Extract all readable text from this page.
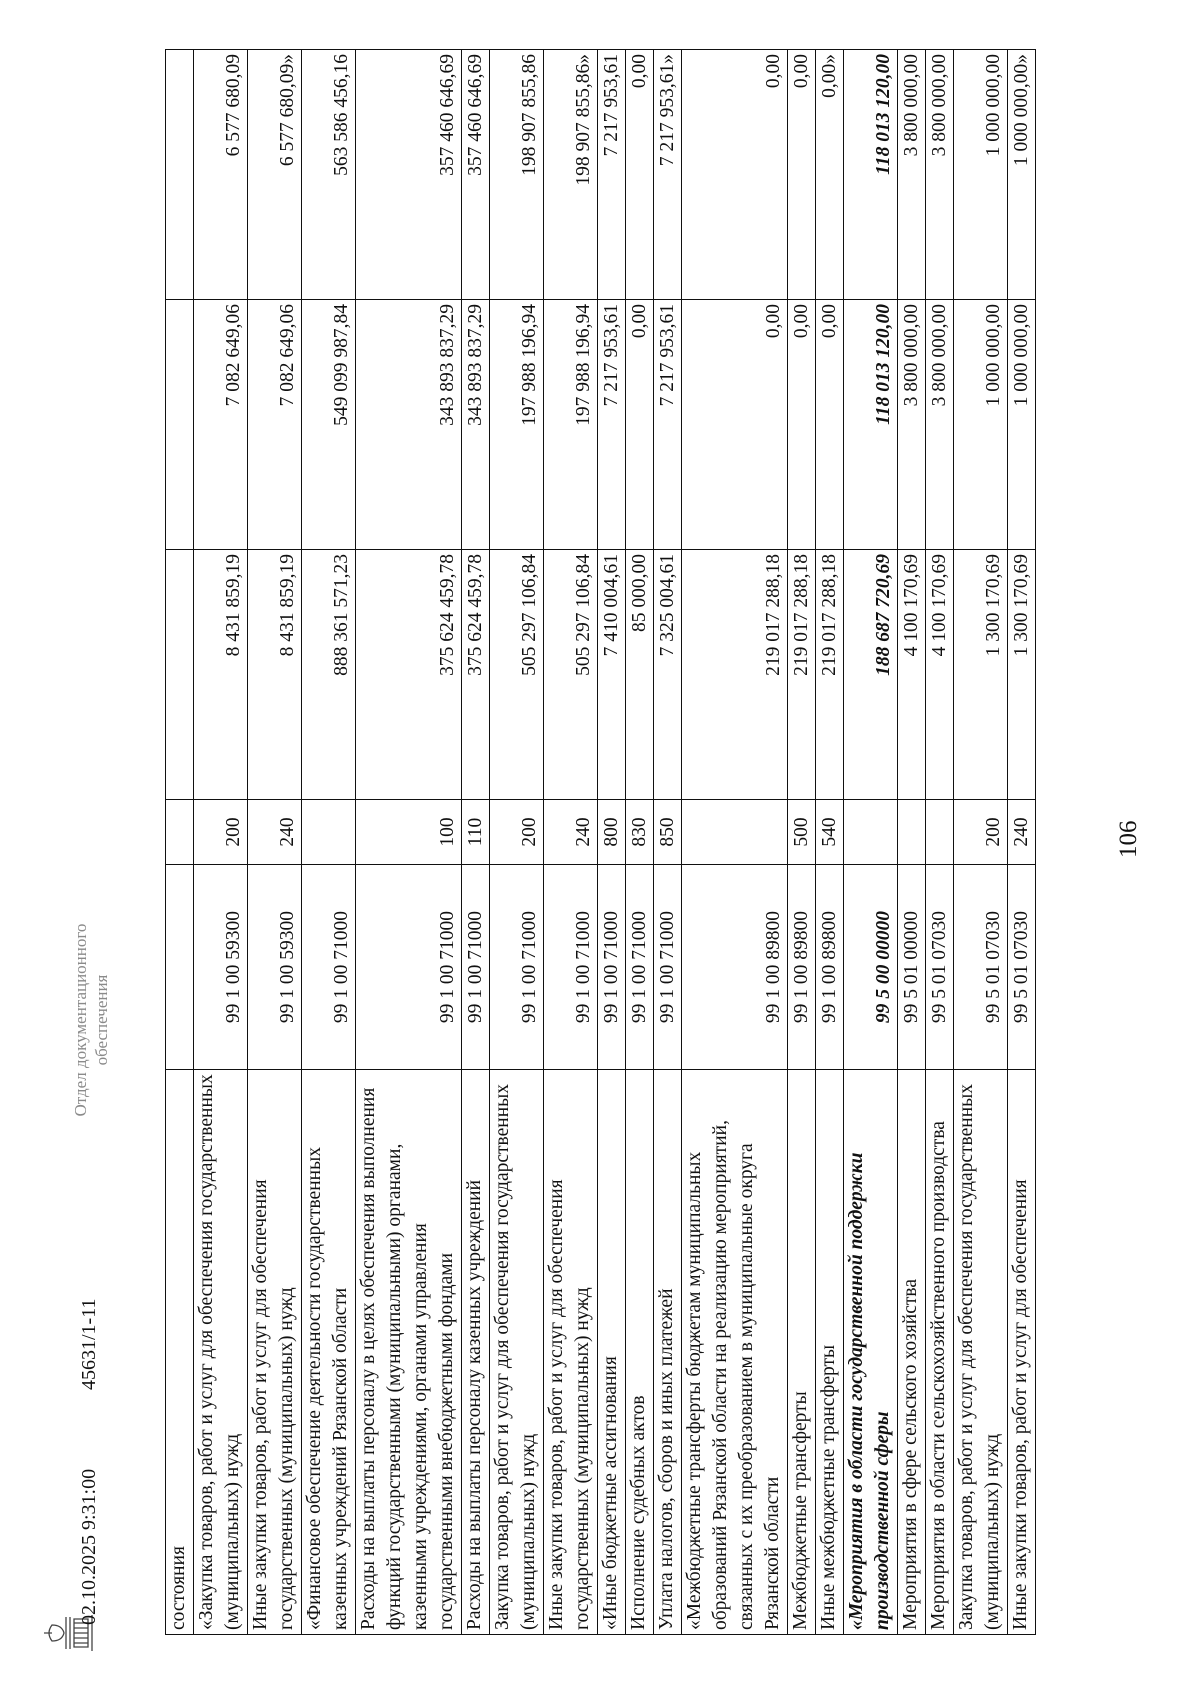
106
состояния					
«Закупка товаров, работ и услуг для обеспечения государственных (муниципальных) нужд	99 1 00 59300	200	8 431 859,19	7 082 649,06	6 577 680,09
Иные закупки товаров, работ и услуг для обеспечения государственных (муниципальных) нужд	99 1 00 59300	240	8 431 859,19	7 082 649,06	6 577 680,09»
«Финансовое обеспечение деятельности государственных казенных учреждений Рязанской области	99 1 00 71000		888 361 571,23	549 099 987,84	563 586 456,16
Расходы на выплаты персоналу в целях обеспечения выполнения функций государственными (муниципальными) органами, казенными учреждениями, органами управления государственными внебюджетными фондами	99 1 00 71000	100	375 624 459,78	343 893 837,29	357 460 646,69
Расходы на выплаты персоналу казенных учреждений	99 1 00 71000	110	375 624 459,78	343 893 837,29	357 460 646,69
Закупка товаров, работ и услуг для обеспечения государственных (муниципальных) нужд	99 1 00 71000	200	505 297 106,84	197 988 196,94	198 907 855,86
Иные закупки товаров, работ и услуг для обеспечения государственных (муниципальных) нужд	99 1 00 71000	240	505 297 106,84	197 988 196,94	198 907 855,86»
«Иные бюджетные ассигнования	99 1 00 71000	800	7 410 004,61	7 217 953,61	7 217 953,61
Исполнение судебных актов	99 1 00 71000	830	85 000,00	0,00	0,00
Уплата налогов, сборов и иных платежей	99 1 00 71000	850	7 325 004,61	7 217 953,61	7 217 953,61»
«Межбюджетные трансферты бюджетам муниципальных образований Рязанской области на реализацию мероприятий, связанных с их преобразованием в муниципальные округа Рязанской области	99 1 00 89800		219 017 288,18	0,00	0,00
Межбюджетные трансферты	99 1 00 89800	500	219 017 288,18	0,00	0,00
Иные межбюджетные трансферты	99 1 00 89800	540	219 017 288,18	0,00	0,00»
«Мероприятия в области государственной поддержки производственной сферы	99 5 00 00000		188 687 720,69	118 013 120,00	118 013 120,00
Мероприятия в сфере сельского хозяйства	99 5 01 00000		4 100 170,69	3 800 000,00	3 800 000,00
Мероприятия в области сельскохозяйственного производства	99 5 01 07030		4 100 170,69	3 800 000,00	3 800 000,00
Закупка товаров, работ и услуг для обеспечения государственных (муниципальных) нужд	99 5 01 07030	200	1 300 170,69	1 000 000,00	1 000 000,00
Иные закупки товаров, работ и услуг для обеспечения	99 5 01 07030	240	1 300 170,69	1 000 000,00	1 000 000,00»
02.10.2025 9:31:00
45631/1-11
Отдел документационного обеспечения
